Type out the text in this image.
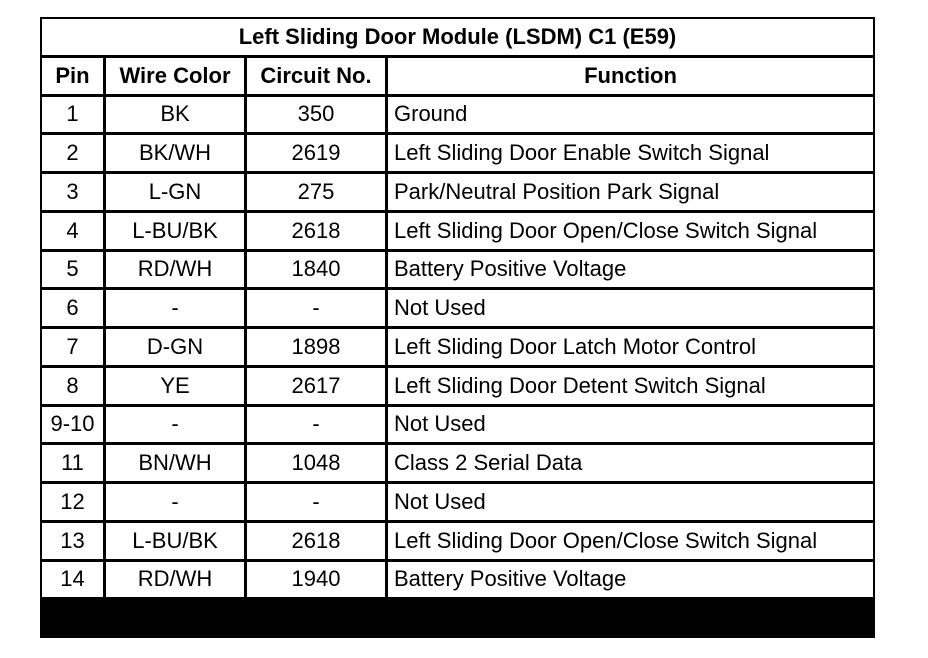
Left Sliding Door Module (LSDM) C1 (E59)
Pin	Wire Color	Circuit No.	Function
1	BK	350	Ground
2	BK/WH	2619	Left Sliding Door Enable Switch Signal
3	L-GN	275	Park/Neutral Position Park Signal
4	L-BU/BK	2618	Left Sliding Door Open/Close Switch Signal
5	RD/WH	1840	Battery Positive Voltage
6	-	-	Not Used
7	D-GN	1898	Left Sliding Door Latch Motor Control
8	YE	2617	Left Sliding Door Detent Switch Signal
9-10	-	-	Not Used
11	BN/WH	1048	Class 2 Serial Data
12	-	-	Not Used
13	L-BU/BK	2618	Left Sliding Door Open/Close Switch Signal
14	RD/WH	1940	Battery Positive Voltage
